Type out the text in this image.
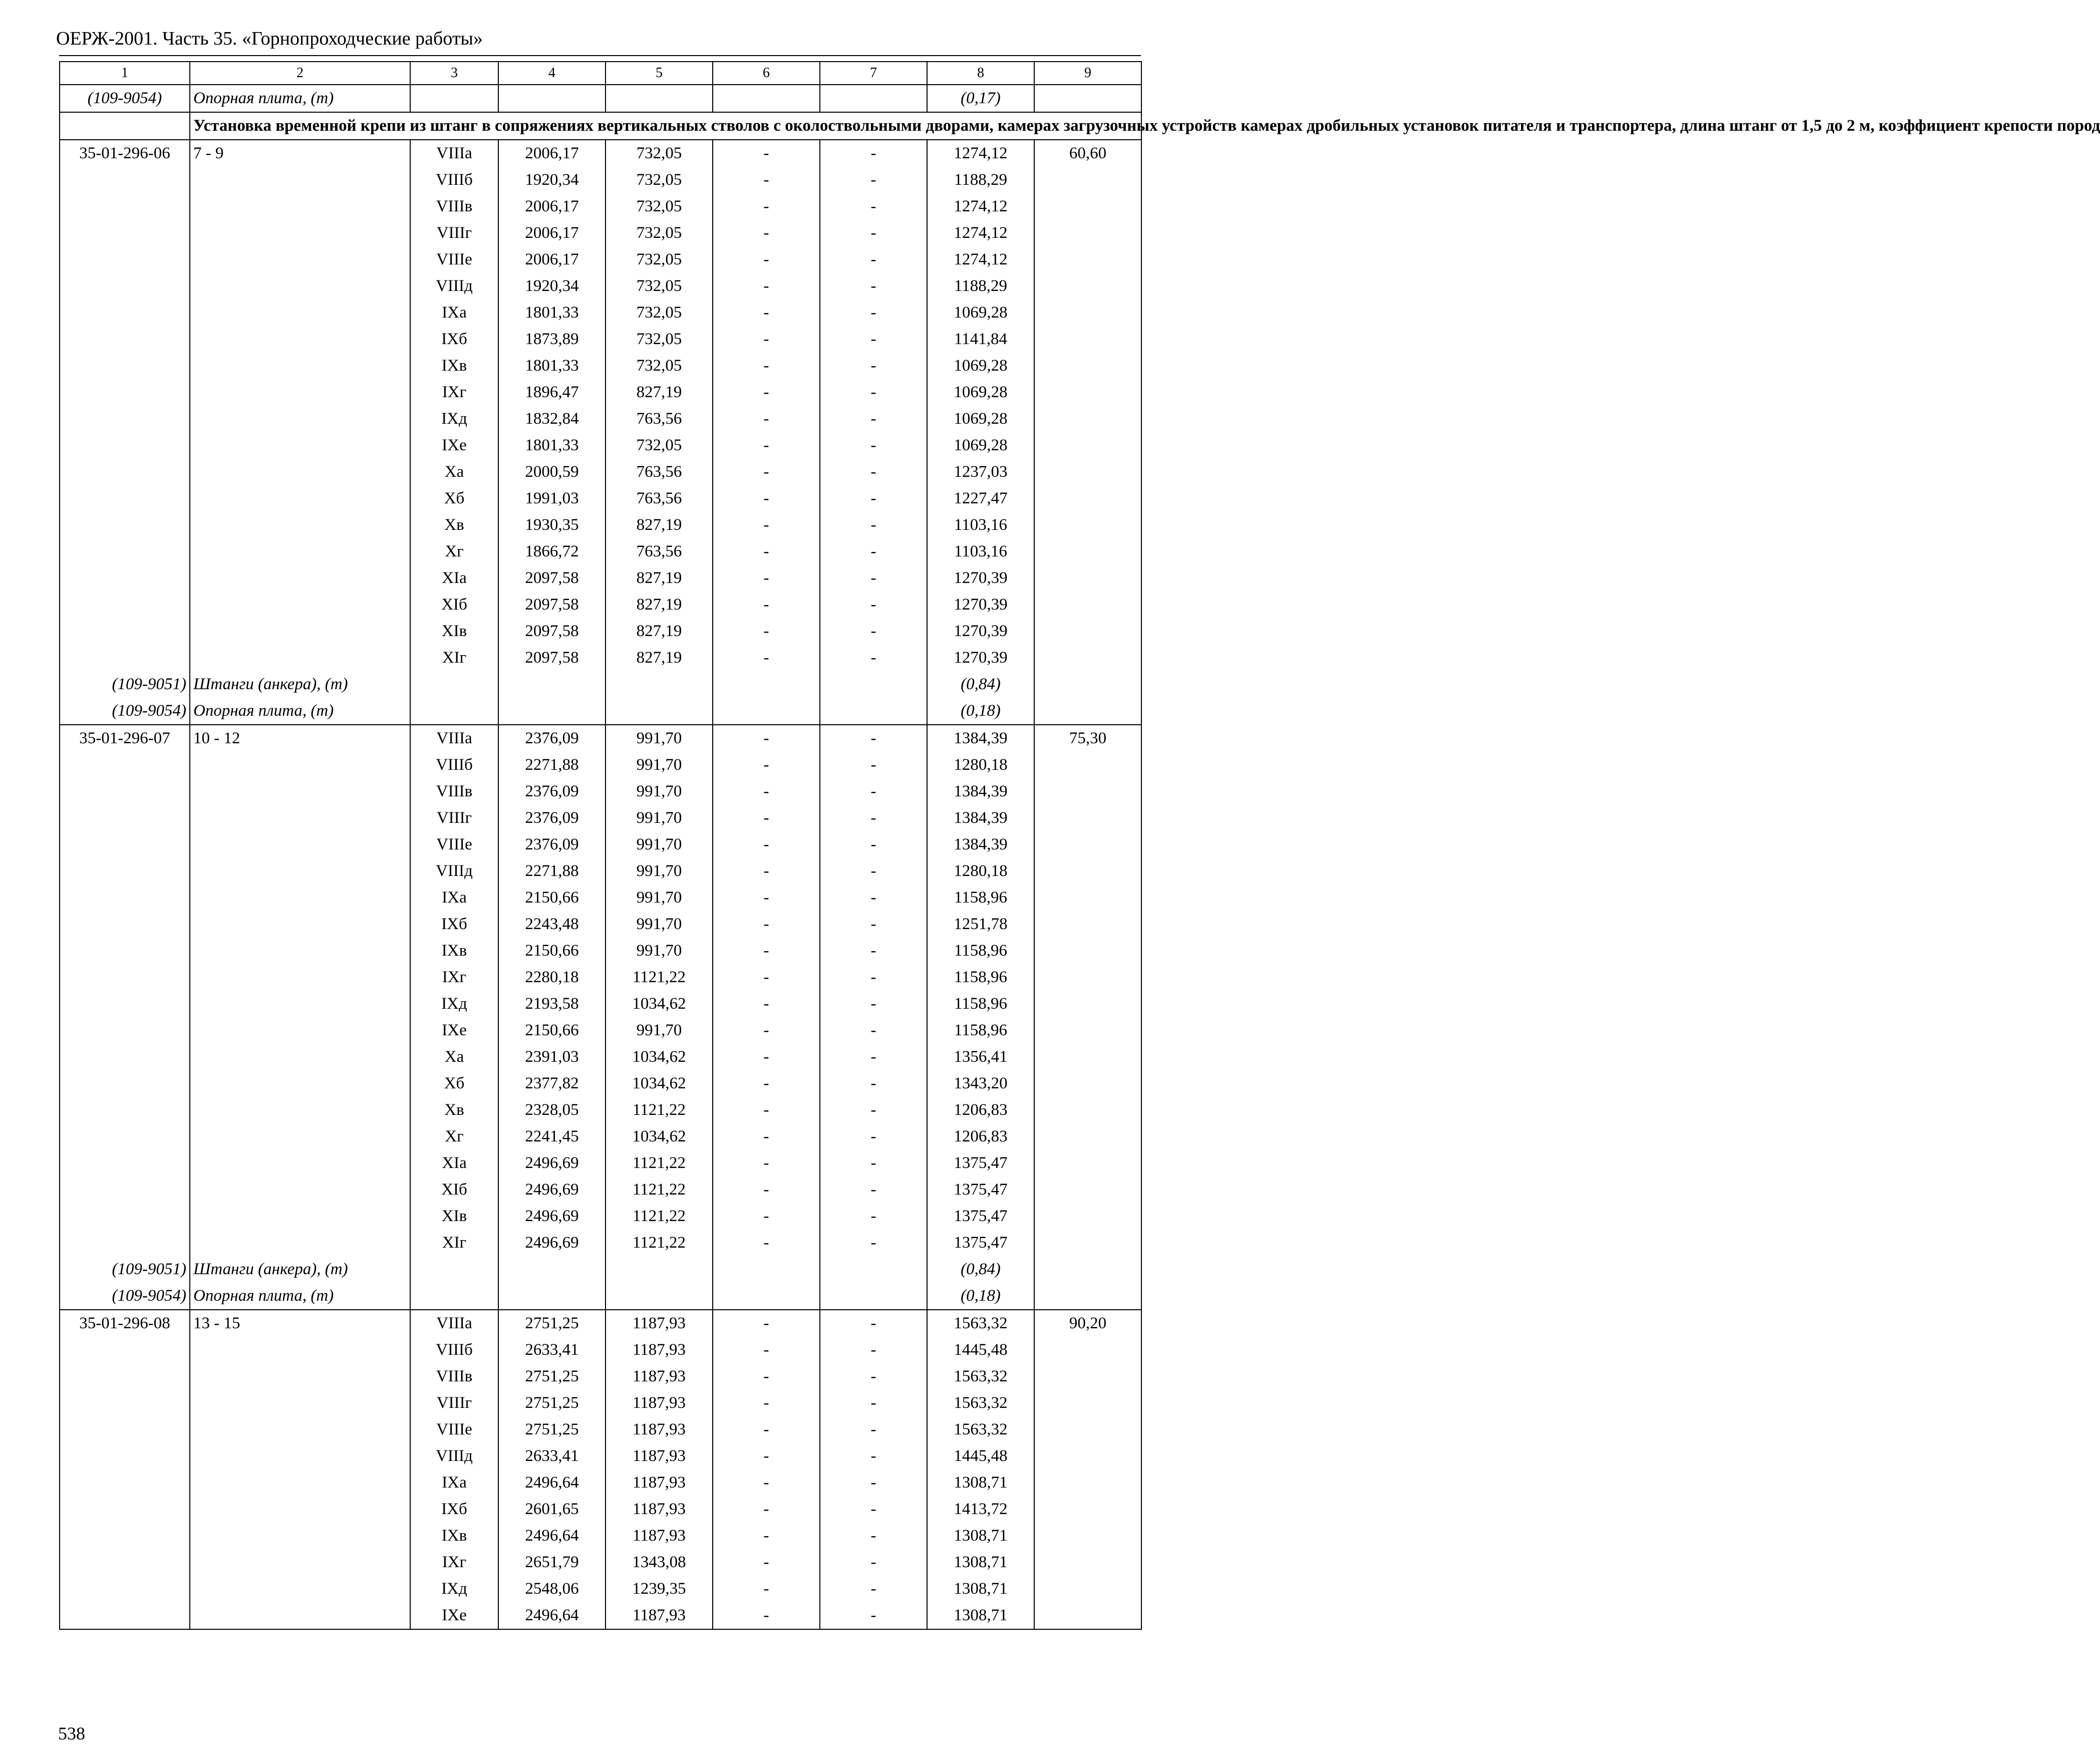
ОЕРЖ-2001. Часть 35. «Горнопроходческие работы»
1	2	3	4	5	6	7	8	9
(109-9054)	Опорная плита, (т)						(0,17)	
	Установка временной крепи из штанг в сопряжениях вертикальных стволов с околоствольными дворами, камерах загрузочных устройств камерах дробильных установок питателя и транспортера, длина штанг от 1,5 до 2 м, коэффициент крепости пород							
35-01-296-06	7 - 9	VIIIа	2006,17	732,05	-	-	1274,12	60,60
		VIIIб	1920,34	732,05	-	-	1188,29	
		VIIIв	2006,17	732,05	-	-	1274,12	
		VIIIг	2006,17	732,05	-	-	1274,12	
		VIIIе	2006,17	732,05	-	-	1274,12	
		VIIIд	1920,34	732,05	-	-	1188,29	
		IXа	1801,33	732,05	-	-	1069,28	
		IXб	1873,89	732,05	-	-	1141,84	
		IXв	1801,33	732,05	-	-	1069,28	
		IXг	1896,47	827,19	-	-	1069,28	
		IXд	1832,84	763,56	-	-	1069,28	
		IXе	1801,33	732,05	-	-	1069,28	
		Xа	2000,59	763,56	-	-	1237,03	
		Xб	1991,03	763,56	-	-	1227,47	
		Xв	1930,35	827,19	-	-	1103,16	
		Xг	1866,72	763,56	-	-	1103,16	
		XIа	2097,58	827,19	-	-	1270,39	
		XIб	2097,58	827,19	-	-	1270,39	
		XIв	2097,58	827,19	-	-	1270,39	
		XIг	2097,58	827,19	-	-	1270,39	
(109-9051)	Штанги (анкера), (т)						(0,84)	
(109-9054)	Опорная плита, (т)						(0,18)	
35-01-296-07	10 - 12	VIIIа	2376,09	991,70	-	-	1384,39	75,30
		VIIIб	2271,88	991,70	-	-	1280,18	
		VIIIв	2376,09	991,70	-	-	1384,39	
		VIIIг	2376,09	991,70	-	-	1384,39	
		VIIIе	2376,09	991,70	-	-	1384,39	
		VIIIд	2271,88	991,70	-	-	1280,18	
		IXа	2150,66	991,70	-	-	1158,96	
		IXб	2243,48	991,70	-	-	1251,78	
		IXв	2150,66	991,70	-	-	1158,96	
		IXг	2280,18	1121,22	-	-	1158,96	
		IXд	2193,58	1034,62	-	-	1158,96	
		IXе	2150,66	991,70	-	-	1158,96	
		Xа	2391,03	1034,62	-	-	1356,41	
		Xб	2377,82	1034,62	-	-	1343,20	
		Xв	2328,05	1121,22	-	-	1206,83	
		Xг	2241,45	1034,62	-	-	1206,83	
		XIа	2496,69	1121,22	-	-	1375,47	
		XIб	2496,69	1121,22	-	-	1375,47	
		XIв	2496,69	1121,22	-	-	1375,47	
		XIг	2496,69	1121,22	-	-	1375,47	
(109-9051)	Штанги (анкера), (т)						(0,84)	
(109-9054)	Опорная плита, (т)						(0,18)	
35-01-296-08	13 - 15	VIIIа	2751,25	1187,93	-	-	1563,32	90,20
		VIIIб	2633,41	1187,93	-	-	1445,48	
		VIIIв	2751,25	1187,93	-	-	1563,32	
		VIIIг	2751,25	1187,93	-	-	1563,32	
		VIIIе	2751,25	1187,93	-	-	1563,32	
		VIIIд	2633,41	1187,93	-	-	1445,48	
		IXа	2496,64	1187,93	-	-	1308,71	
		IXб	2601,65	1187,93	-	-	1413,72	
		IXв	2496,64	1187,93	-	-	1308,71	
		IXг	2651,79	1343,08	-	-	1308,71	
		IXд	2548,06	1239,35	-	-	1308,71	
		IXе	2496,64	1187,93	-	-	1308,71	
538
